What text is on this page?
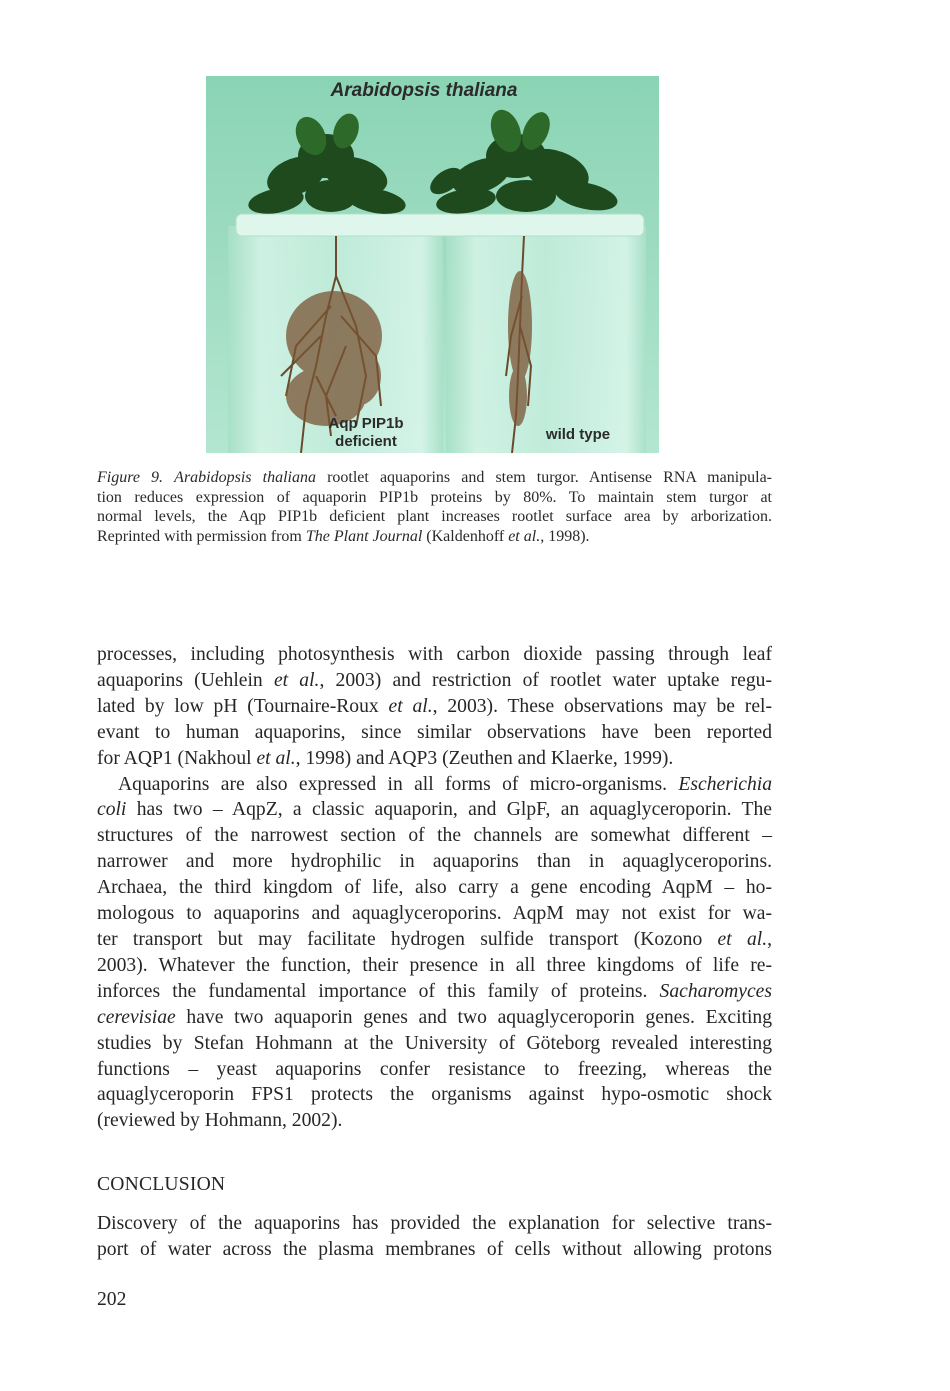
Arabidopsis thaliana
Aqp PIP1b
deficient	wild type
Figure 9. Arabidopsis thaliana rootlet aquaporins and stem turgor. Antisense RNA manipula-
tion reduces expression of aquaporin PIP1b proteins by 80%. To maintain stem turgor at
normal levels, the Aqp PIP1b deficient plant increases rootlet surface area by arborization.
Reprinted with permission from The Plant Journal (Kaldenhoff et al., 1998).
processes, including photosynthesis with carbon dioxide passing through leaf
aquaporins (Uehlein et al., 2003) and restriction of rootlet water uptake regu-
lated by low pH (Tournaire-Roux et al., 2003). These observations may be rel-
evant to human aquaporins, since similar observations have been reported
for AQP1 (Nakhoul et al., 1998) and AQP3 (Zeuthen and Klaerke, 1999).
Aquaporins are also expressed in all forms of micro-organisms. Escherichia
coli has two – AqpZ, a classic aquaporin, and GlpF, an aquaglyceroporin. The
structures of the narrowest section of the channels are somewhat different –
narrower and more hydrophilic in aquaporins than in aquaglyceroporins.
Archaea, the third kingdom of life, also carry a gene encoding AqpM – ho-
mologous to aquaporins and aquaglyceroporins. AqpM may not exist for wa-
ter transport but may facilitate hydrogen sulfide transport (Kozono et al.,
2003). Whatever the function, their presence in all three kingdoms of life re-
inforces the fundamental importance of this family of proteins. Sacharomyces
cerevisiae have two aquaporin genes and two aquaglyceroporin genes. Exciting
studies by Stefan Hohmann at the University of Göteborg revealed interesting
functions – yeast aquaporins confer resistance to freezing, whereas the
aquaglyceroporin FPS1 protects the organisms against hypo-osmotic shock
(reviewed by Hohmann, 2002).
CONCLUSION
Discovery of the aquaporins has provided the explanation for selective trans-
port of water across the plasma membranes of cells without allowing protons
202
